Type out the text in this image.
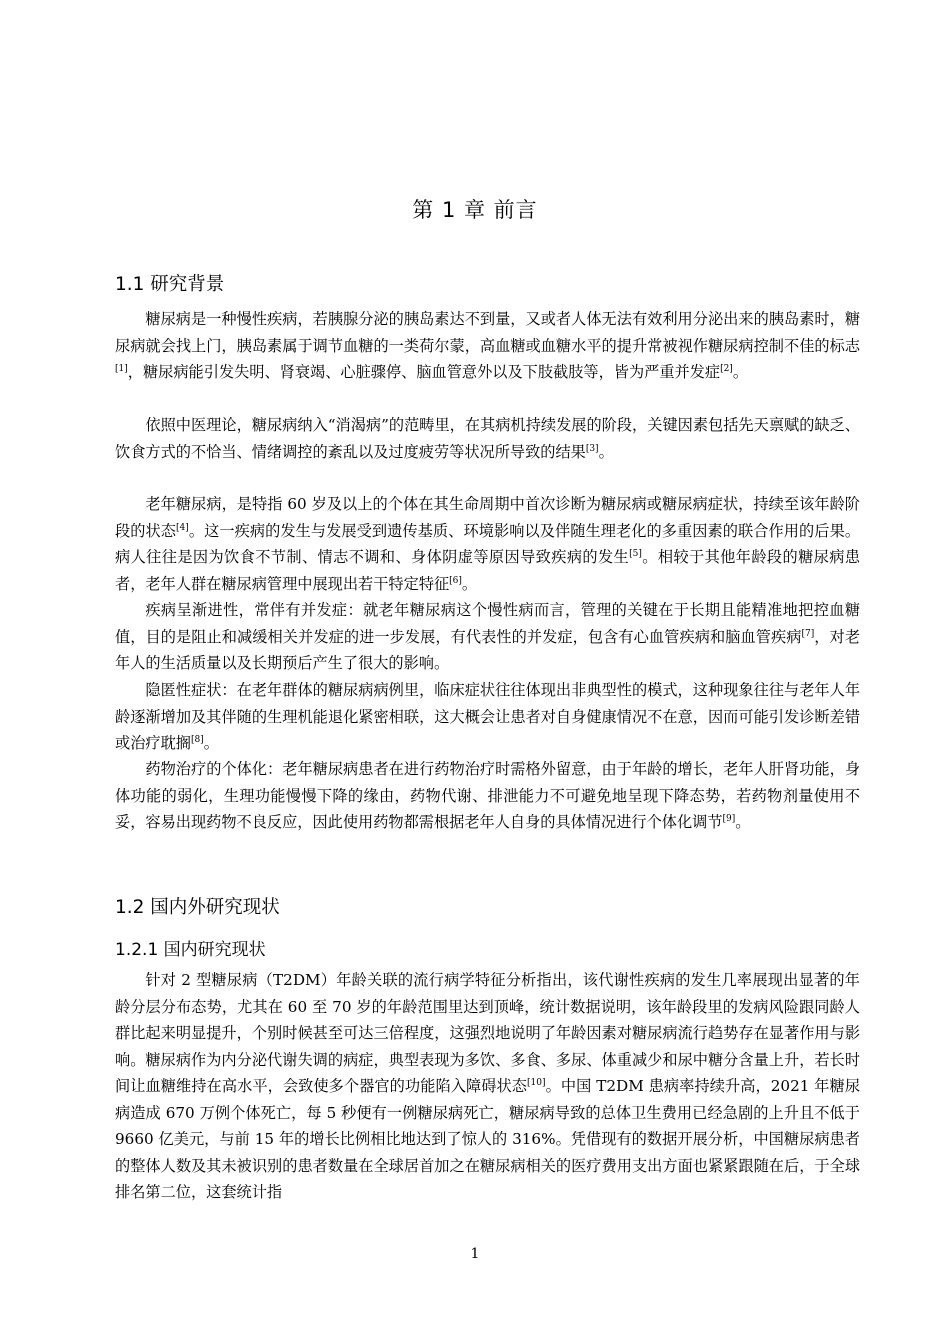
第 1 章 前言
1.1 研究背景

糖尿病是一种慢性疾病，若胰腺分泌的胰岛素达不到量，又或者人体无法有效利用分泌出来的胰岛素时，糖尿病就会找上门，胰岛素属于调节血糖的一类荷尔蒙，高血糖或血糖水平的提升常被视作糖尿病控制不佳的标志[1]，糖尿病能引发失明、肾衰竭、心脏骤停、脑血管意外以及下肢截肢等，皆为严重并发症[2]。

依照中医理论，糖尿病纳入“消渴病”的范畴里，在其病机持续发展的阶段，关键因素包括先天禀赋的缺乏、饮食方式的不恰当、情绪调控的紊乱以及过度疲劳等状况所导致的结果[3]。

老年糖尿病，是特指 60 岁及以上的个体在其生命周期中首次诊断为糖尿病或糖尿病症状，持续至该年龄阶段的状态[4]。这一疾病的发生与发展受到遗传基质、环境影响以及伴随生理老化的多重因素的联合作用的后果。病人往往是因为饮食不节制、情志不调和、身体阴虚等原因导致疾病的发生[5]。相较于其他年龄段的糖尿病患者，老年人群在糖尿病管理中展现出若干特定特征[6]。

疾病呈渐进性，常伴有并发症：就老年糖尿病这个慢性病而言，管理的关键在于长期且能精准地把控血糖值，目的是阻止和减缓相关并发症的进一步发展，有代表性的并发症，包含有心血管疾病和脑血管疾病[7]，对老年人的生活质量以及长期预后产生了很大的影响。

隐匿性症状：在老年群体的糖尿病病例里，临床症状往往体现出非典型性的模式，这种现象往往与老年人年龄逐渐增加及其伴随的生理机能退化紧密相联，这大概会让患者对自身健康情况不在意，因而可能引发诊断差错或治疗耽搁[8]。

药物治疗的个体化：老年糖尿病患者在进行药物治疗时需格外留意，由于年龄的增长，老年人肝肾功能，身体功能的弱化，生理功能慢慢下降的缘由，药物代谢、排泄能力不可避免地呈现下降态势，若药物剂量使用不妥，容易出现药物不良反应，因此使用药物都需根据老年人自身的具体情况进行个体化调节[9]。

1.2 国内外研究现状
1.2.1 国内研究现状

针对 2 型糖尿病（T2DM）年龄关联的流行病学特征分析指出，该代谢性疾病的发生几率展现出显著的年龄分层分布态势，尤其在 60 至 70 岁的年龄范围里达到顶峰，统计数据说明，该年龄段里的发病风险跟同龄人群比起来明显提升，个别时候甚至可达三倍程度，这强烈地说明了年龄因素对糖尿病流行趋势存在显著作用与影响。糖尿病作为内分泌代谢失调的病症，典型表现为多饮、多食、多尿、体重减少和尿中糖分含量上升，若长时间让血糖维持在高水平，会致使多个器官的功能陷入障碍状态[10]。中国 T2DM 患病率持续升高，2021 年糖尿病造成 670 万例个体死亡，每 5 秒便有一例糖尿病死亡，糖尿病导致的总体卫生费用已经急剧的上升且不低于 9660 亿美元，与前 15 年的增长比例相比地达到了惊人的 316%。凭借现有的数据开展分析，中国糖尿病患者的整体人数及其未被识别的患者数量在全球居首加之在糖尿病相关的医疗费用支出方面也紧紧跟随在后，于全球排名第二位，这套统计指

1
